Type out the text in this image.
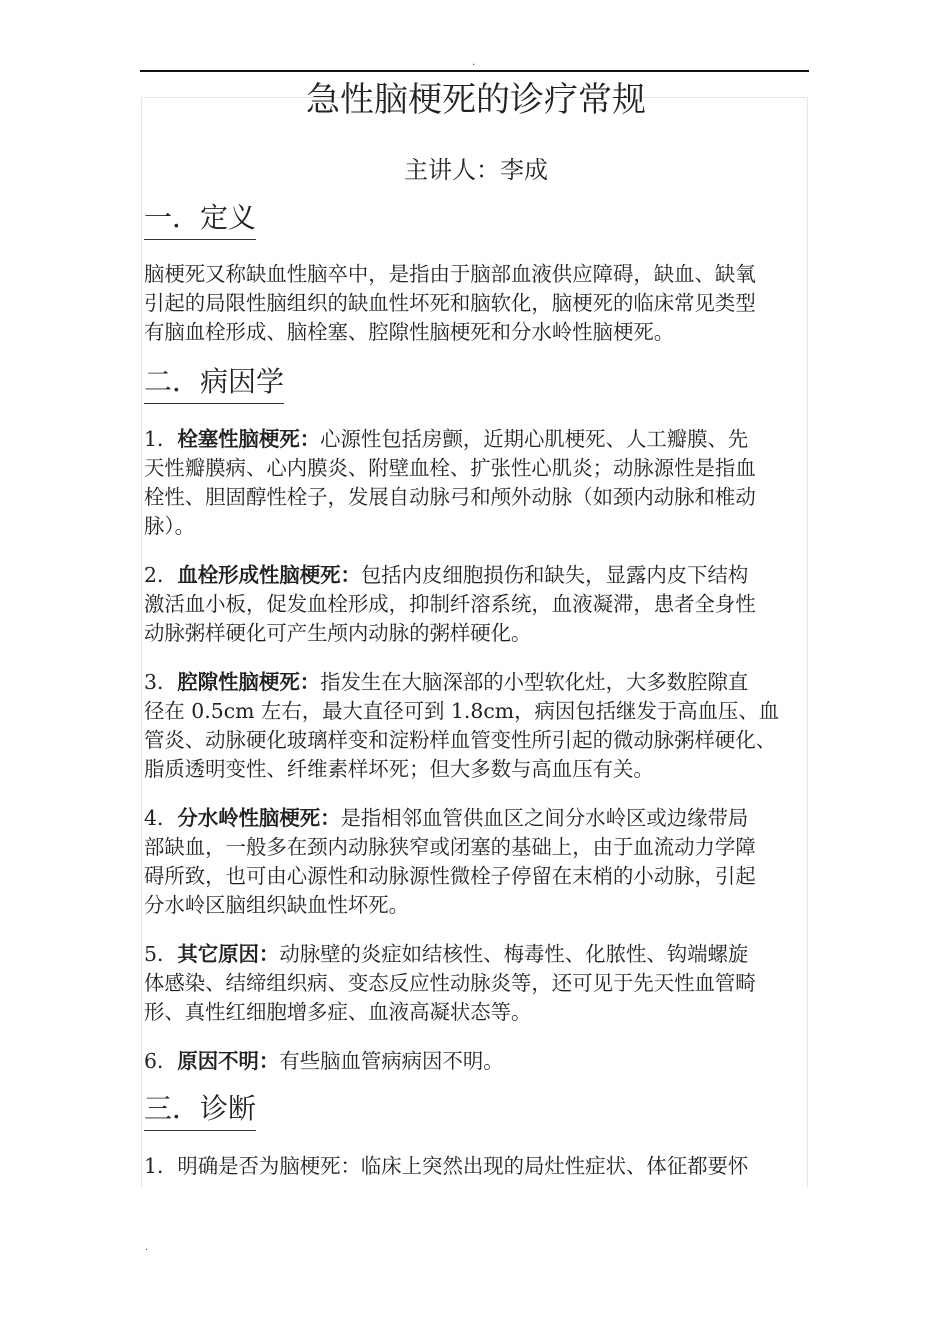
.
急性脑梗死的诊疗常规
主讲人：李成
一．定义

脑梗死又称缺血性脑卒中，是指由于脑部血液供应障碍，缺血、缺氧
引起的局限性脑组织的缺血性坏死和脑软化，脑梗死的临床常见类型
有脑血栓形成、脑栓塞、腔隙性脑梗死和分水岭性脑梗死。

二．病因学

1．栓塞性脑梗死：心源性包括房颤，近期心肌梗死、人工瓣膜、先
天性瓣膜病、心内膜炎、附壁血栓、扩张性心肌炎；动脉源性是指血
栓性、胆固醇性栓子，发展自动脉弓和颅外动脉（如颈内动脉和椎动
脉）。

2．血栓形成性脑梗死：包括内皮细胞损伤和缺失，显露内皮下结构
激活血小板，促发血栓形成，抑制纤溶系统，血液凝滞，患者全身性
动脉粥样硬化可产生颅内动脉的粥样硬化。

3．腔隙性脑梗死：指发生在大脑深部的小型软化灶，大多数腔隙直
径在 0.5cm 左右，最大直径可到 1.8cm，病因包括继发于高血压、血
管炎、动脉硬化玻璃样变和淀粉样血管变性所引起的微动脉粥样硬化、
脂质透明变性、纤维素样坏死；但大多数与高血压有关。

4．分水岭性脑梗死：是指相邻血管供血区之间分水岭区或边缘带局
部缺血，一般多在颈内动脉狭窄或闭塞的基础上，由于血流动力学障
碍所致，也可由心源性和动脉源性微栓子停留在末梢的小动脉，引起
分水岭区脑组织缺血性坏死。

5．其它原因：动脉壁的炎症如结核性、梅毒性、化脓性、钩端螺旋
体感染、结缔组织病、变态反应性动脉炎等，还可见于先天性血管畸
形、真性红细胞增多症、血液高凝状态等。

6．原因不明：有些脑血管病病因不明。

三．诊断

1．明确是否为脑梗死：临床上突然出现的局灶性症状、体征都要怀

.
